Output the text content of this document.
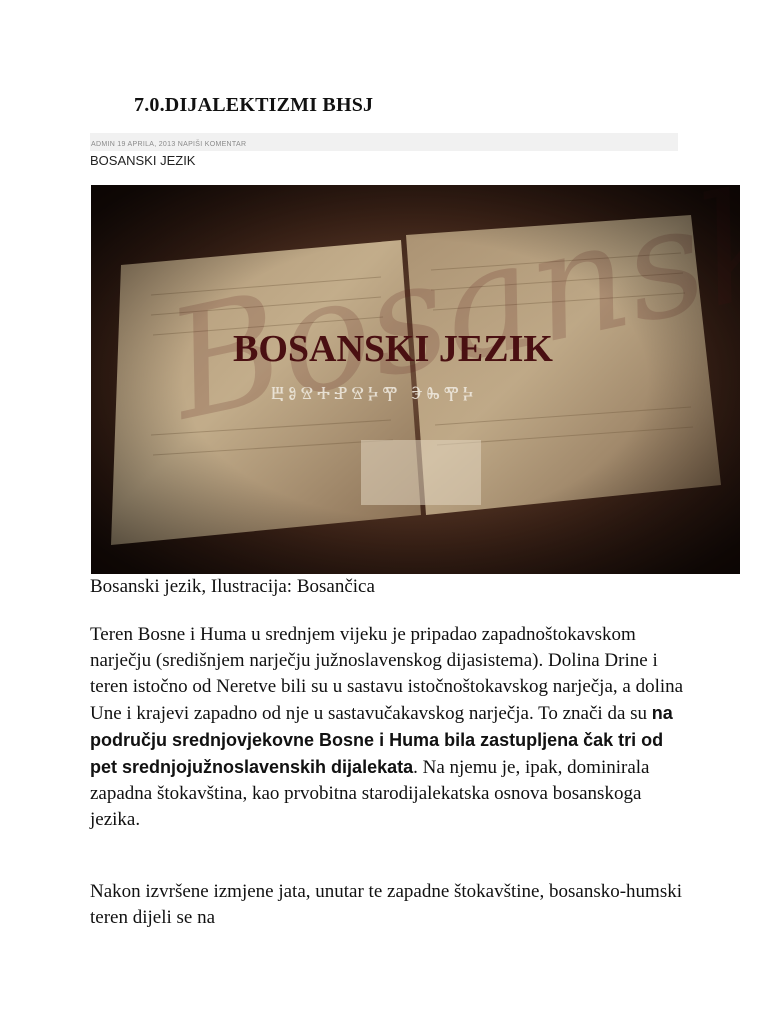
7.0.DIJALEKTIZMI BHSJ
ADMIN 19 APRILA, 2013 NAPIŠI KOMENTAR
BOSANSKI JEZIK
BOSANSKI JEZIK
ⰁⰑⰔⰀⰐⰔⰍⰉ ⰅⰈⰉⰍ

Bosanski jezik, Ilustracija: Bosančica

Teren Bosne i Huma u srednjem vijeku je pripadao zapadnoštokavskom narječju (središnjem narječju južnoslavenskog dijasistema). Dolina Drine i teren istočno od Neretve bili su u sastavu istočnoštokavskog narječja, a dolina Une i krajevi zapadno od nje u sastavučakavskog narječja. To znači da su na području srednjovjekovne Bosne i Huma bila zastupljena čak tri od pet srednjojužnoslavenskih dijalekata. Na njemu je, ipak, dominirala zapadna štokavština, kao prvobitna starodijalekatska osnova bosanskoga jezika.

Nakon izvršene izmjene jata, unutar te zapadne štokavštine, bosansko-humski teren dijeli se na
